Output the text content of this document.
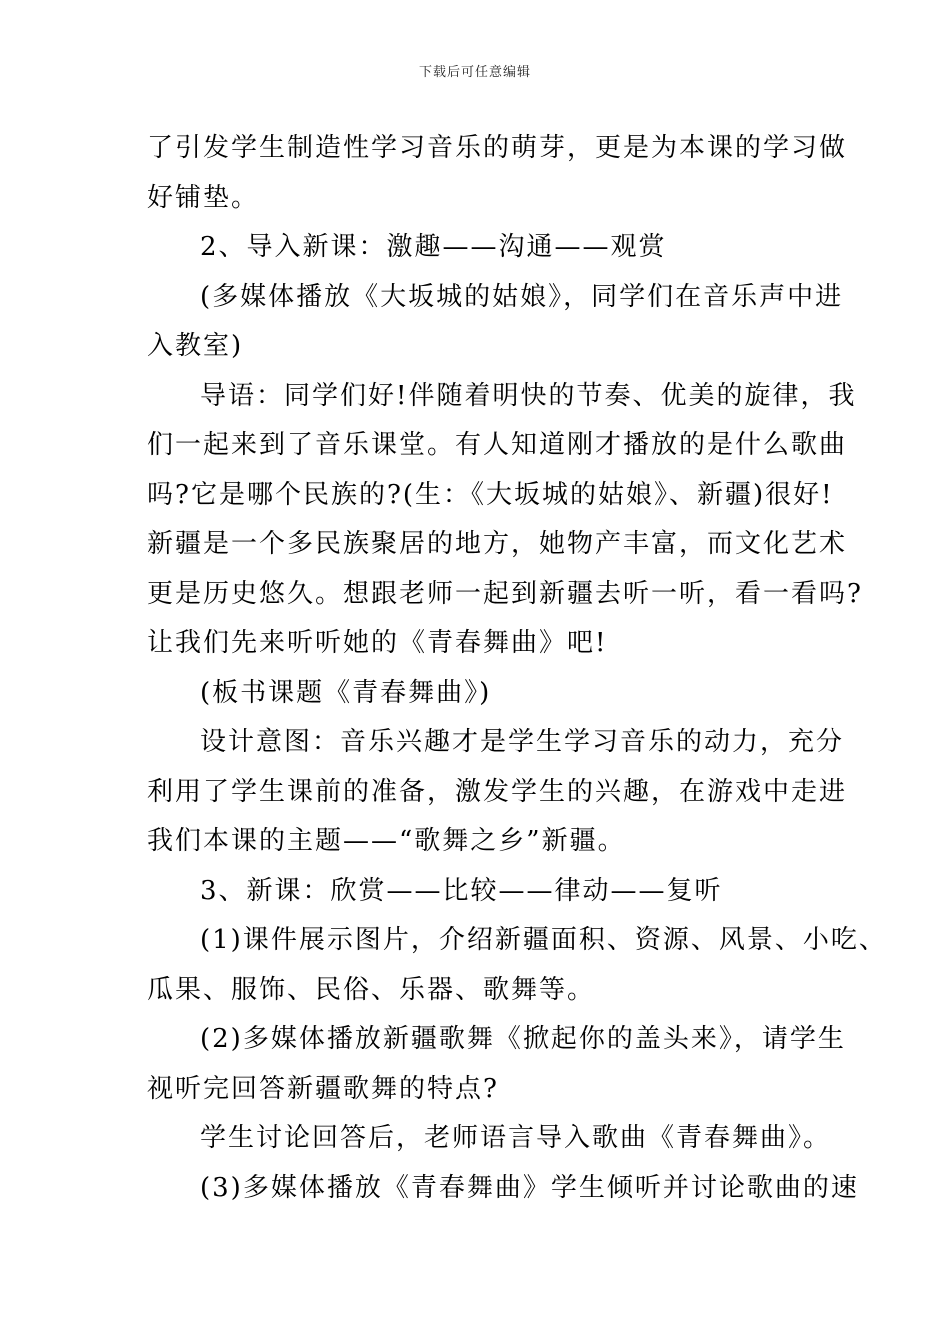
下载后可任意编辑
了引发学生制造性学习音乐的萌芽，更是为本课的学习做
好铺垫。
2、导入新课：激趣——沟通——观赏
(多媒体播放《大坂城的姑娘》，同学们在音乐声中进
入教室)
导语：同学们好!伴随着明快的节奏、优美的旋律，我
们一起来到了音乐课堂。有人知道刚才播放的是什么歌曲
吗?它是哪个民族的?(生：《大坂城的姑娘》、新疆)很好!
新疆是一个多民族聚居的地方，她物产丰富，而文化艺术
更是历史悠久。想跟老师一起到新疆去听一听，看一看吗?
让我们先来听听她的《青春舞曲》吧!
(板书课题《青春舞曲》)
设计意图：音乐兴趣才是学生学习音乐的动力，充分
利用了学生课前的准备，激发学生的兴趣，在游戏中走进
我们本课的主题——“歌舞之乡”新疆。
3、新课：欣赏——比较——律动——复听
(1)课件展示图片，介绍新疆面积、资源、风景、小吃、
瓜果、服饰、民俗、乐器、歌舞等。
(2)多媒体播放新疆歌舞《掀起你的盖头来》，请学生
视听完回答新疆歌舞的特点?
学生讨论回答后，老师语言导入歌曲《青春舞曲》。
(3)多媒体播放《青春舞曲》学生倾听并讨论歌曲的速
